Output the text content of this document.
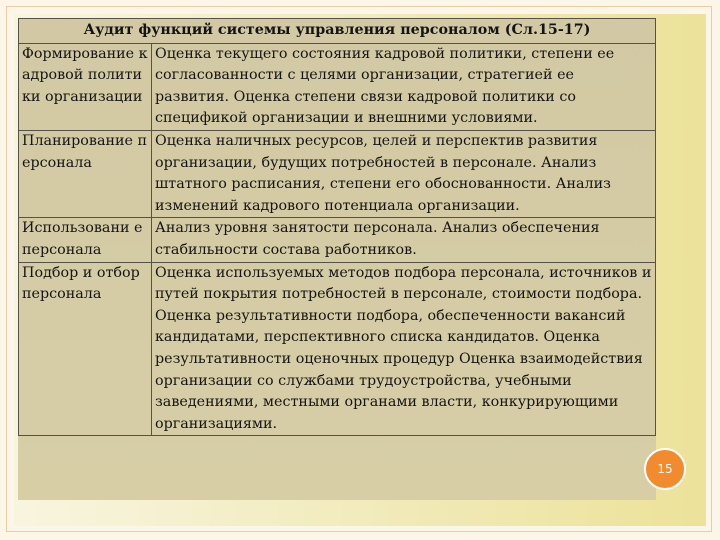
Аудит функций системы управления персоналом (Сл.15-17)	
Формирование кадровой политики организации	Оценка текущего состояния кадровой политики, степени ее согласованности с целями организации, стратегией ее развития. Оценка степени связи кадровой политики со спецификой организации и внешними условиями.
Планирование персонала	Оценка наличных ресурсов, целей и перспектив развития организации, будущих потребностей в персонале. Анализ штатного расписания, степени его обоснованности. Анализ изменений кадрового потенциала организации.
Использовани е персонала	Анализ уровня занятости персонала. Анализ обеспечения стабильности состава работников.
Подбор и отбор персонала	Оценка используемых методов подбора персонала, источников и путей покрытия потребностей в персонале, стоимости подбора. Оценка результативности подбора, обеспеченности вакансий кандидатами, перспективного списка кандидатов. Оценка результативности оценочных процедур Оценка взаимодействия организации со службами трудоустройства, учебными заведениями, местными органами власти, конкурирующими организациями.
15
